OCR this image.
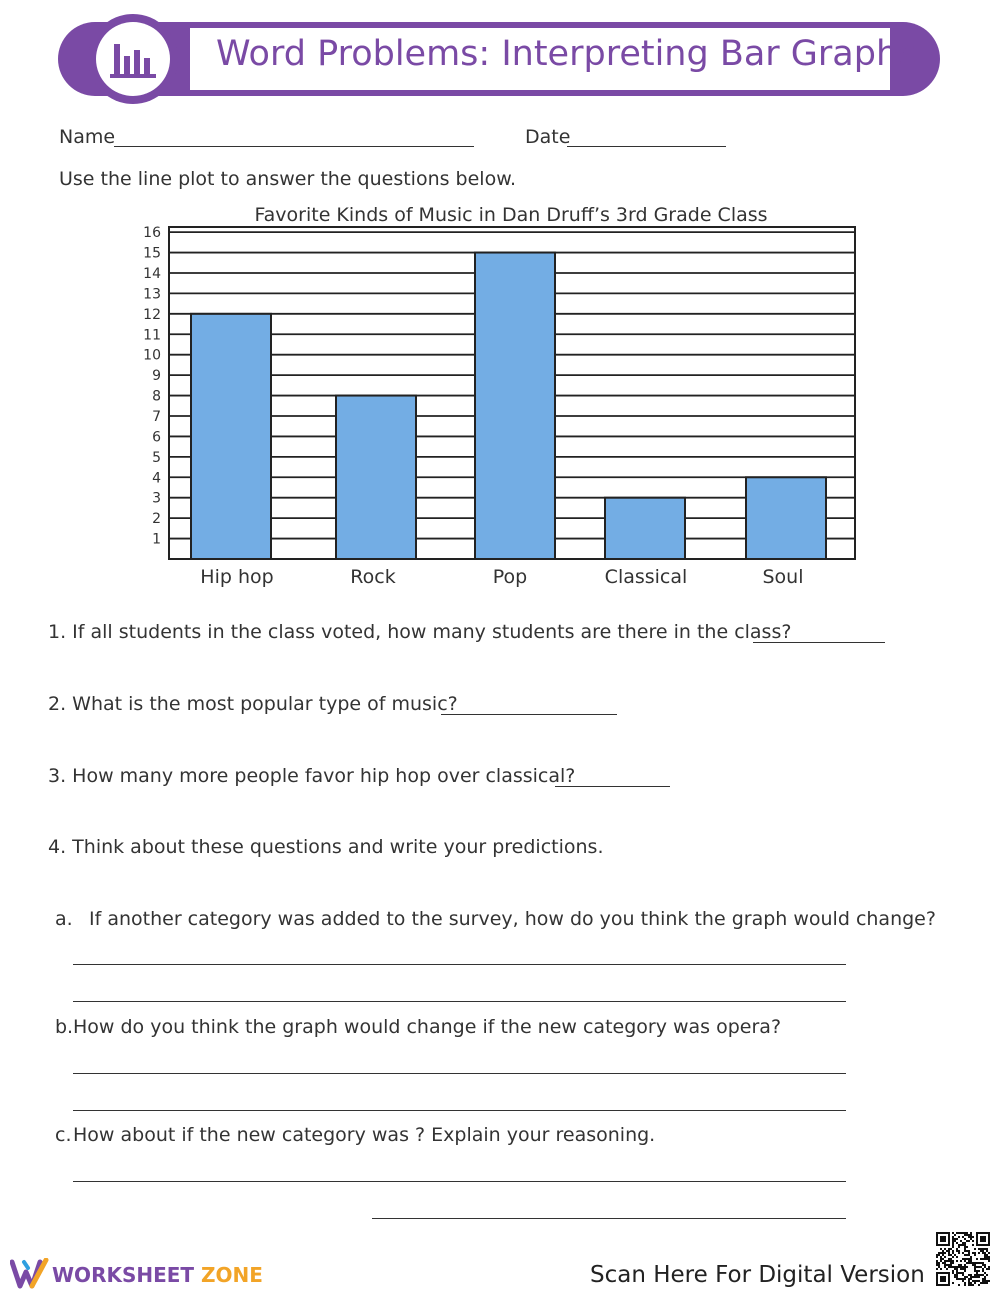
Word Problems: Interpreting Bar Graphs
Name	Date
Use the line plot to answer the questions below.
Favorite Kinds of Music in Dan Druff’s 3rd Grade Class
1
2
3
4
5
6
7
8
9
10
11
12
13
14
15
16
Hip hop	Rock	Pop	Classical	Soul
1. If all students in the class voted, how many students are there in the class?
2. What is the most popular type of music?
3. How many more people favor hip hop over classical?
4. Think about these questions and write your predictions.
a. If another category was added to the survey, how do you think the graph would change?
b. How do you think the graph would change if the new category was opera?
c. How about if the new category was ? Explain your reasoning.
WORKSHEET ZONE	Scan Here For Digital Version
